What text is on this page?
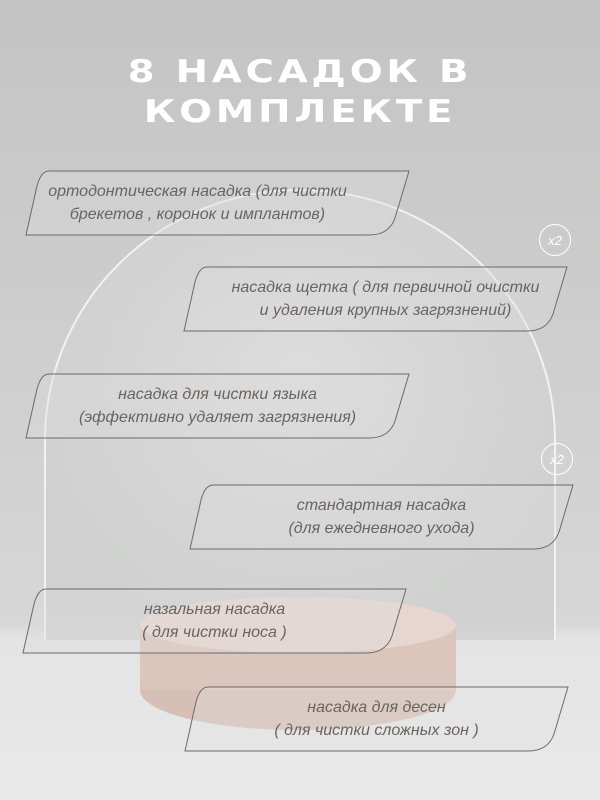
8 НАСАДОК В
КОМПЛЕКТЕ
ортодонтическая насадка (для чистки
брекетов , коронок и имплантов)
x2
насадка щетка ( для первичной очистки
и удаления крупных загрязнений)
насадка для чистки языка
(эффективно удаляет загрязнения)
x2
стандартная насадка
(для ежедневного ухода)
назальная насадка
( для чистки носа )
насадка для десен
( для чистки сложных зон )
